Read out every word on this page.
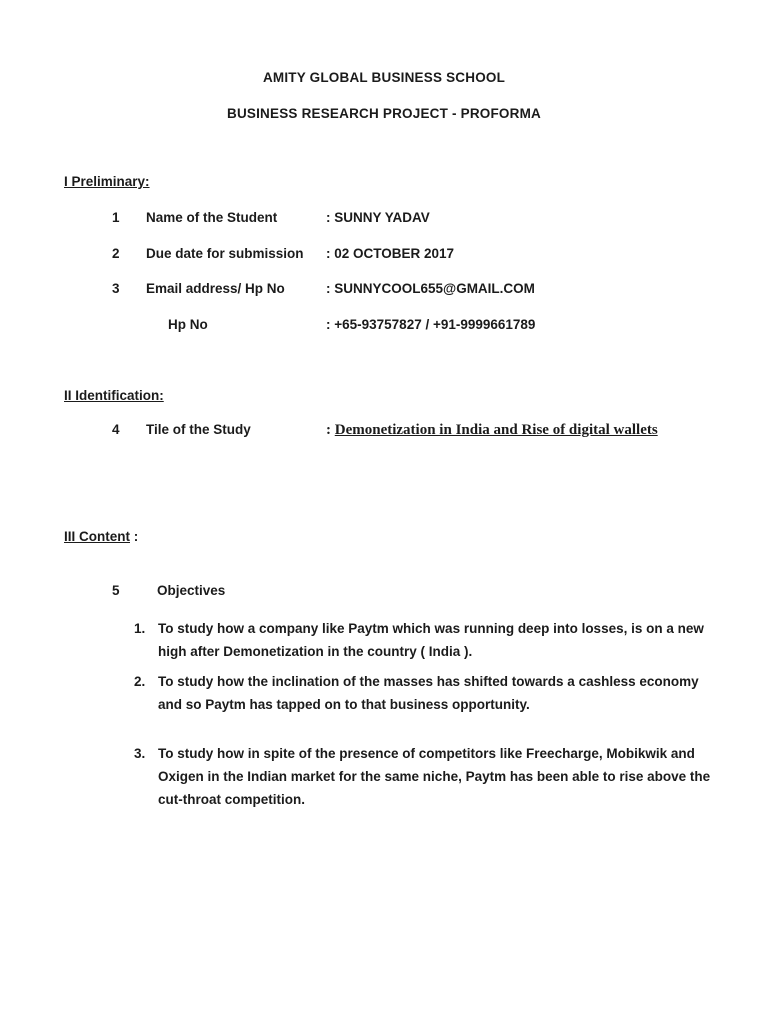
AMITY GLOBAL BUSINESS SCHOOL
BUSINESS RESEARCH PROJECT - PROFORMA
I Preliminary:
1 Name of the Student	: SUNNY YADAV
2 Due date for submission : 02 OCTOBER 2017
3 Email address/ Hp No	: SUNNYCOOL655@GMAIL.COM
Hp No	: +65-93757827 / +91-9999661789
II Identification:
4 Tile of the Study	: Demonetization in India and Rise of digital wallets
III Content :
5	Objectives
1. To study how a company like Paytm which was running deep into losses, is on a new high after Demonetization in the country ( India ).
2. To study how the inclination of the masses has shifted towards a cashless economy and so Paytm has tapped on to that business opportunity.
3. To study how in spite of the presence of competitors like Freecharge, Mobikwik and Oxigen in the Indian market for the same niche, Paytm has been able to rise above the cut-throat competition.
